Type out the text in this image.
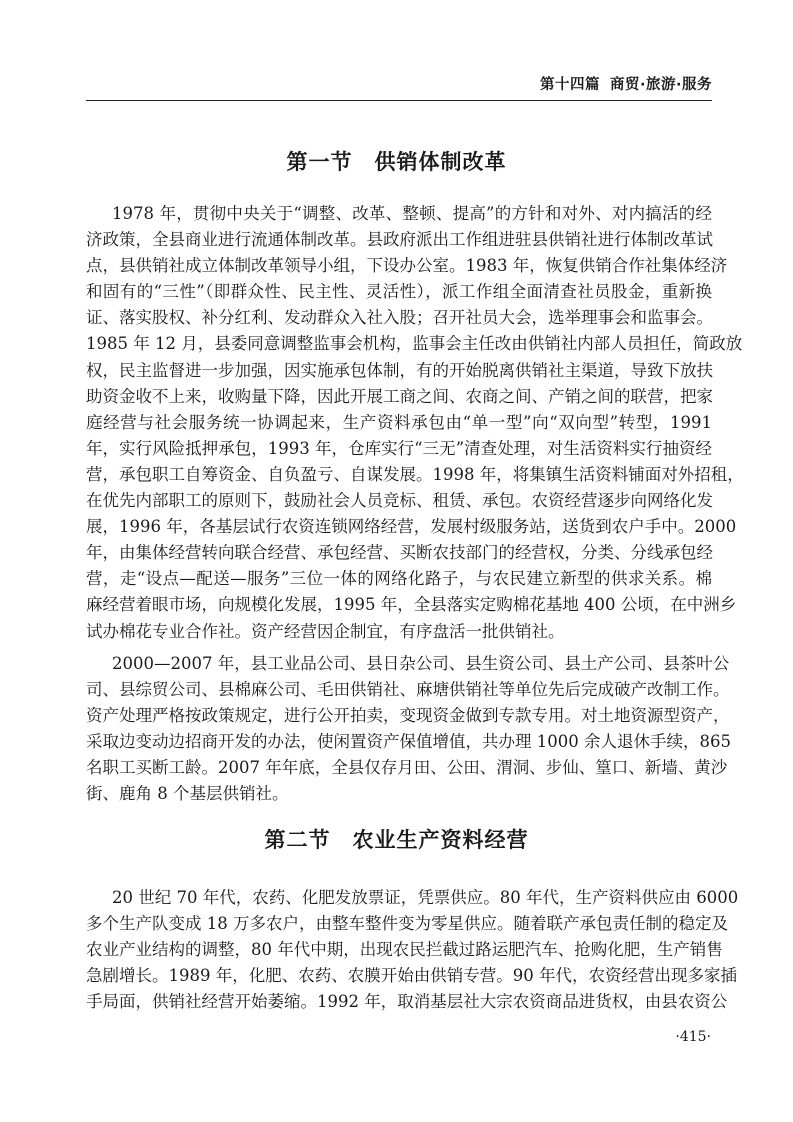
第十四篇 商贸·旅游·服务
第一节 供销体制改革
1978 年，贯彻中央关于“调整、改革、整顿、提高”的方针和对外、对内搞活的经
济政策，全县商业进行流通体制改革。县政府派出工作组进驻县供销社进行体制改革试
点，县供销社成立体制改革领导小组，下设办公室。1983 年，恢复供销合作社集体经济
和固有的“三性”（即群众性、民主性、灵活性），派工作组全面清查社员股金，重新换
证、落实股权、补分红利、发动群众入社入股；召开社员大会，选举理事会和监事会。
1985 年 12 月，县委同意调整监事会机构，监事会主任改由供销社内部人员担任，简政放
权，民主监督进一步加强，因实施承包体制，有的开始脱离供销社主渠道，导致下放扶
助资金收不上来，收购量下降，因此开展工商之间、农商之间、产销之间的联营，把家
庭经营与社会服务统一协调起来，生产资料承包由“单一型”向“双向型”转型，1991
年，实行风险抵押承包，1993 年，仓库实行“三无”清查处理，对生活资料实行抽资经
营，承包职工自筹资金、自负盈亏、自谋发展。1998 年，将集镇生活资料铺面对外招租，
在优先内部职工的原则下，鼓励社会人员竞标、租赁、承包。农资经营逐步向网络化发
展，1996 年，各基层试行农资连锁网络经营，发展村级服务站，送货到农户手中。2000
年，由集体经营转向联合经营、承包经营、买断农技部门的经营权，分类、分线承包经
营，走“设点—配送—服务”三位一体的网络化路子，与农民建立新型的供求关系。棉
麻经营着眼市场，向规模化发展，1995 年，全县落实定购棉花基地 400 公顷，在中洲乡
试办棉花专业合作社。资产经营因企制宜，有序盘活一批供销社。
2000—2007 年，县工业品公司、县日杂公司、县生资公司、县土产公司、县茶叶公
司、县综贸公司、县棉麻公司、毛田供销社、麻塘供销社等单位先后完成破产改制工作。
资产处理严格按政策规定，进行公开拍卖，变现资金做到专款专用。对土地资源型资产，
采取边变动边招商开发的办法，使闲置资产保值增值，共办理 1000 余人退休手续，865
名职工买断工龄。2007 年年底，全县仅存月田、公田、渭洞、步仙、篁口、新墙、黄沙
街、鹿角 8 个基层供销社。
第二节 农业生产资料经营
20 世纪 70 年代，农药、化肥发放票证，凭票供应。80 年代，生产资料供应由 6000
多个生产队变成 18 万多农户，由整车整件变为零星供应。随着联产承包责任制的稳定及
农业产业结构的调整，80 年代中期，出现农民拦截过路运肥汽车、抢购化肥，生产销售
急剧增长。1989 年，化肥、农药、农膜开始由供销专营。90 年代，农资经营出现多家插
手局面，供销社经营开始萎缩。1992 年，取消基层社大宗农资商品进货权，由县农资公
·415·
